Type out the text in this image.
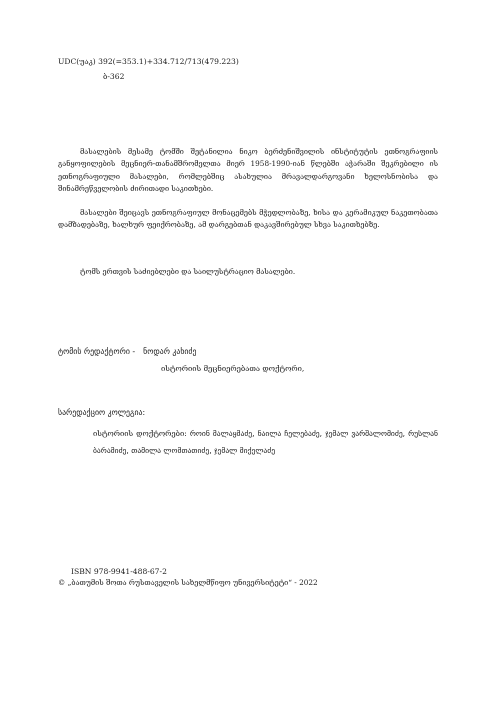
UDC(უაკ) 392(=353.1)+334.712/713(479.223)
ბ-362
მასალების მესამე ტომში შეტანილია ნიკო ბერძენიშვილის ინსტიტუტის ეთნოგრაფიის განყოფილების მეცნიერ-თანამშრომელთა მიერ 1958-1990-იან წლებში აჭარაში შეკრებილი ის ეთნოგრაფიული მასალები, რომლებშიც ასახულია მრავალდარგოვანი ხელოსნობისა და შინამრეწველობის ძირითადი საკითხები.
მასალები შეიცავს ეთნოგრაფიულ მონაცემებს მჭედლობაზე, ხისა და კერამიკულ ნაკეთობათა დამზადებაზე, ხალხურ ფეიქრობაზე, ამ დარგებთან დაკავშირებულ სხვა საკითხებზე.
ტომს ერთვის საძიებლები და საილუსტრაციო მასალები.
ტომის რედაქტორი - ნოდარ კახიძე
ისტორიის მეცნიერებათა დოქტორი,
სარედაქციო კოლეგია:
ისტორიის დოქტორები: როინ მალაყმაძე, ნაილა ჩელებაძე, ჯემალ ვარშალომიძე, რუსლან ბარამიძე, თამილა ლომთათიძე, ჯემალ მიქელაძე
ISBN 978-9941-488-67-2
© „ბათუმის შოთა რუსთაველის სახელმწიფო უნივერსიტეტი“ - 2022
